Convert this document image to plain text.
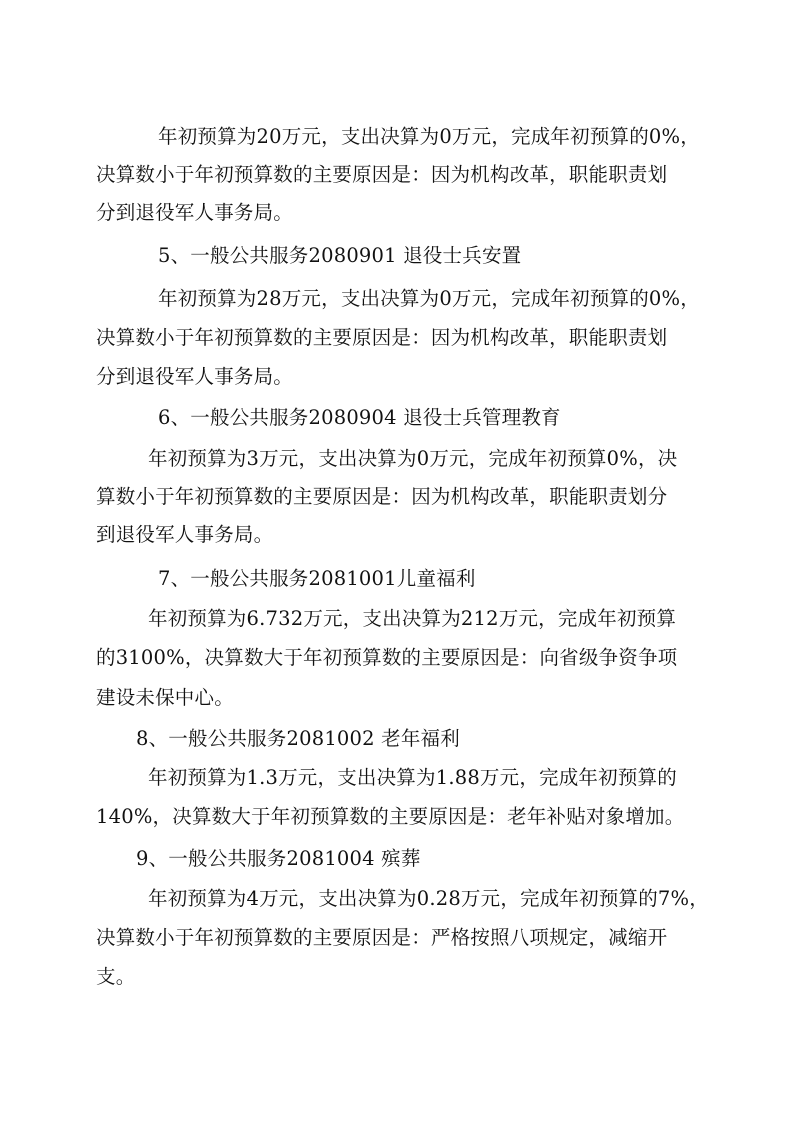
年初预算为20万元，支出决算为0万元，完成年初预算的0%，
决算数小于年初预算数的主要原因是：因为机构改革，职能职责划
分到退役军人事务局。
5、一般公共服务2080901 退役士兵安置
年初预算为28万元，支出决算为0万元，完成年初预算的0%，
决算数小于年初预算数的主要原因是：因为机构改革，职能职责划
分到退役军人事务局。
6、一般公共服务2080904 退役士兵管理教育
年初预算为3万元，支出决算为0万元，完成年初预算0%，决
算数小于年初预算数的主要原因是：因为机构改革，职能职责划分
到退役军人事务局。
7、一般公共服务2081001儿童福利
年初预算为6.732万元，支出决算为212万元，完成年初预算
的3100%，决算数大于年初预算数的主要原因是：向省级争资争项
建设未保中心。
8、一般公共服务2081002 老年福利
年初预算为1.3万元，支出决算为1.88万元，完成年初预算的
140%，决算数大于年初预算数的主要原因是：老年补贴对象增加。
9、一般公共服务2081004 殡葬
年初预算为4万元，支出决算为0.28万元，完成年初预算的7%，
决算数小于年初预算数的主要原因是：严格按照八项规定，减缩开
支。
